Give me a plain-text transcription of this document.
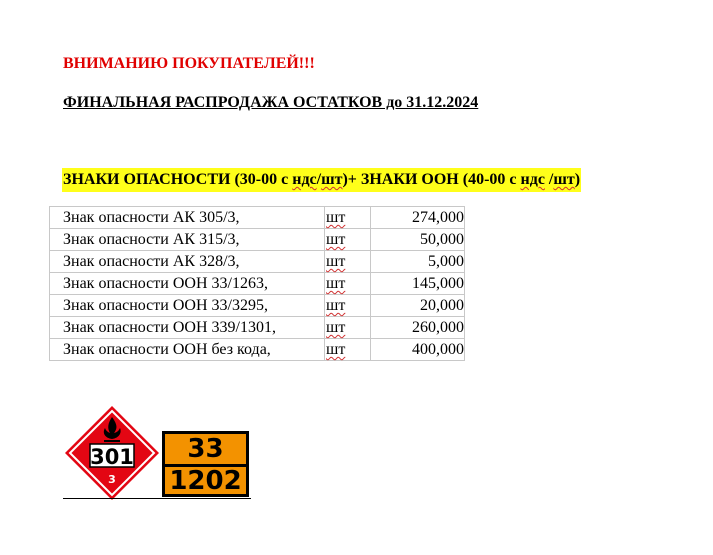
ВНИМАНИЮ ПОКУПАТЕЛЕЙ!!!
ФИНАЛЬНАЯ РАСПРОДАЖА ОСТАТКОВ до 31.12.2024
ЗНАКИ ОПАСНОСТИ (30-00 с ндс/шт)+ ЗНАКИ ООН (40-00 с ндс /шт)
Знак опасности АК 305/3,	шт	274,000
Знак опасности АК 315/3,	шт	50,000
Знак опасности АК 328/3,	шт	5,000
Знак опасности ООН 33/1263,	шт	145,000
Знак опасности ООН 33/3295,	шт	20,000
Знак опасности ООН 339/1301,	шт	260,000
Знак опасности ООН без кода,	шт	400,000
301
3
33
1202
